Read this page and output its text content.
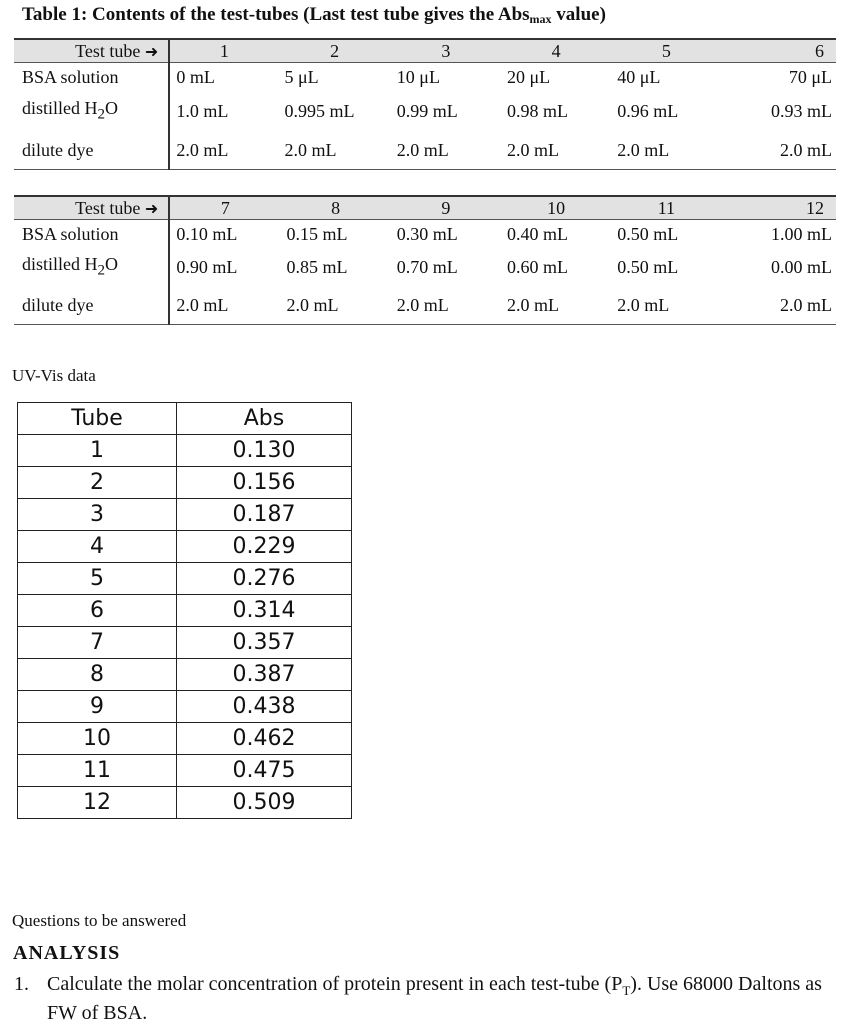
Table 1: Contents of the test-tubes (Last test tube gives the Abs$_{max}$ value)
Test tube ➜	1	2	3	4	5	6
BSA solution	0 mL	5 μL	10 μL	20 μL	40 μL	70 μL
distilled $H_2O$	1.0 mL	0.995 mL	0.99 mL	0.98 mL	0.96 mL	0.93 mL
dilute dye	2.0 mL	2.0 mL	2.0 mL	2.0 mL	2.0 mL	2.0 mL
Test tube ➜	7	8	9	10	11	12
BSA solution	0.10 mL	0.15 mL	0.30 mL	0.40 mL	0.50 mL	1.00 mL
distilled $H_2O$	0.90 mL	0.85 mL	0.70 mL	0.60 mL	0.50 mL	0.00 mL
dilute dye	2.0 mL	2.0 mL	2.0 mL	2.0 mL	2.0 mL	2.0 mL
UV-Vis data
Tube	Abs
1	0.130
2	0.156
3	0.187
4	0.229
5	0.276
6	0.314
7	0.357
8	0.387
9	0.438
10	0.462
11	0.475
12	0.509
Questions to be answered
ANALYSIS
1. Calculate the molar concentration of protein present in each test-tube $(P_T)$. Use 68000 Daltons as FW of BSA.
